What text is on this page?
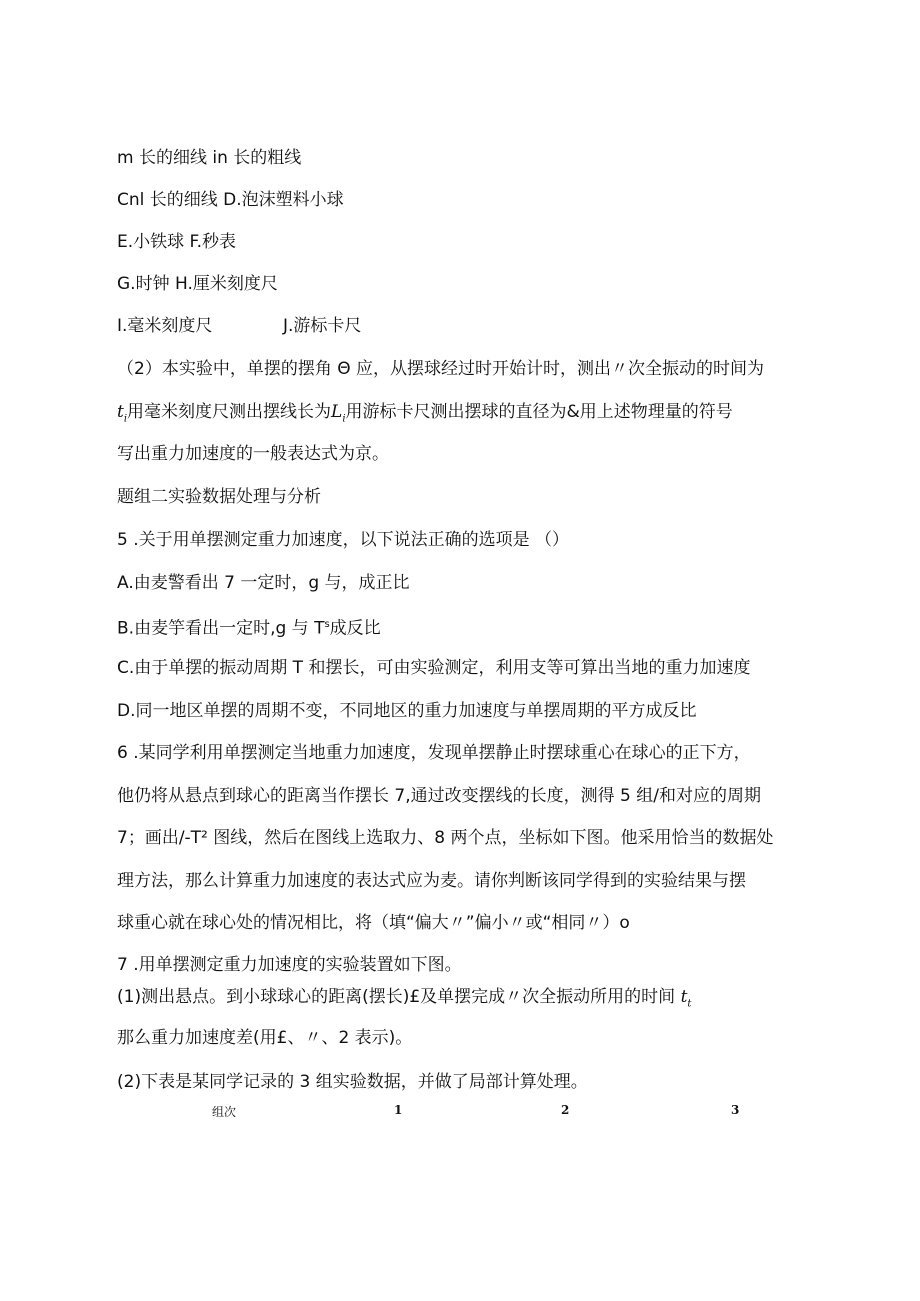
m 长的细线 ⅰn 长的粗线
Cnl 长的细线 D.泡沫塑料小球
E.小铁球 F.秒表
G.时钟 H.厘米刻度尺
I.毫米刻度尺	J.游标卡尺
（2）本实验中，单摆的摆角 Θ 应，从摆球经过时开始计时，测出〃次全振动的时间为
$t_i$用毫米刻度尺测出摆线长为$L_i$用游标卡尺测出摆球的直径为&用上述物理量的符号
写出重力加速度的一般表达式为京。
题组二实验数据处理与分析
5 .关于用单摆测定重力加速度，以下说法正确的选项是 （）
A.由麦警看出 7 一定时，g 与，成正比
B.由麦竽看出一定时,g 与 $T^s$成反比
C.由于单摆的振动周期 T 和摆长，可由实验测定，利用支等可算出当地的重力加速度
D.同一地区单摆的周期不变，不同地区的重力加速度与单摆周期的平方成反比
6 .某同学利用单摆测定当地重力加速度，发现单摆静止时摆球重心在球心的正下方，
他仍将从悬点到球心的距离当作摆长 7,通过改变摆线的长度，测得 5 组/和对应的周期
7；画出/-T² 图线，然后在图线上选取力、8 两个点，坐标如下图。他采用恰当的数据处
理方法，那么计算重力加速度的表达式应为麦。请你判断该同学得到的实验结果与摆
球重心就在球心处的情况相比，将（填“偏大〃”偏小〃或“相同〃）o
7 .用单摆测定重力加速度的实验装置如下图。
(1)测出悬点。到小球球心的距离(摆长)£及单摆完成〃次全振动所用的时间 $t_t$
那么重力加速度差(用£、〃、2 表示)。
(2)下表是某同学记录的 3 组实验数据，并做了局部计算处理。
组次	1	2	3
